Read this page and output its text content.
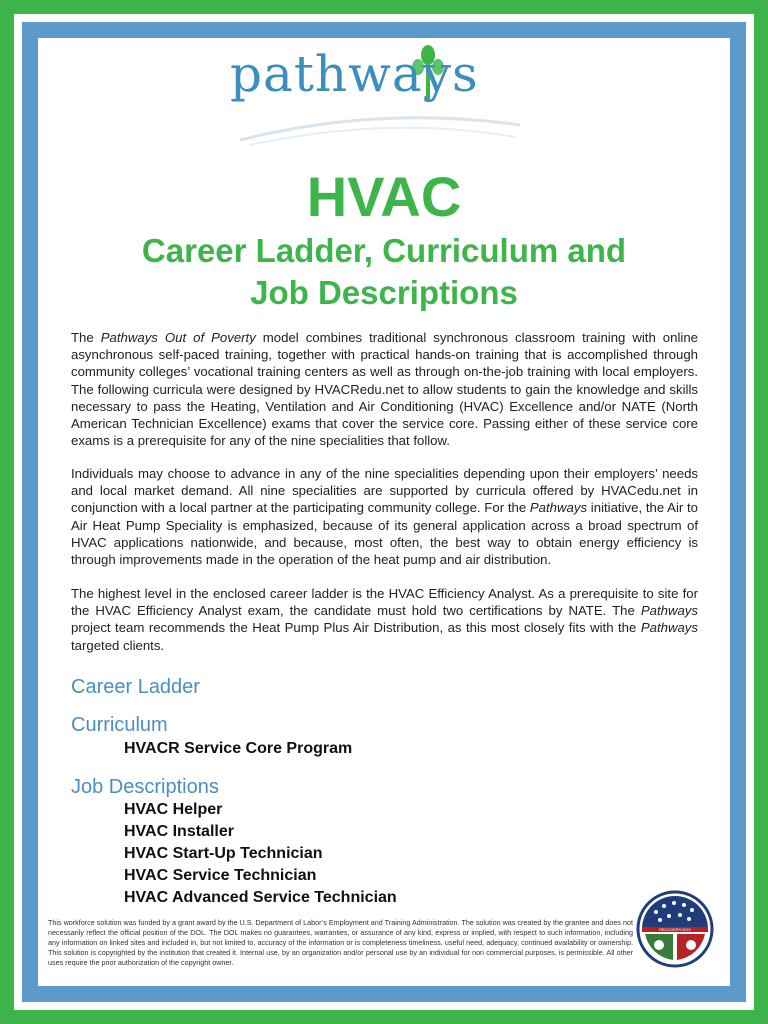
pathways
HVAC
Career Ladder, Curriculum and
Job Descriptions
The Pathways Out of Poverty model combines traditional synchronous classroom training with online asynchronous self-paced training, together with practical hands-on training that is accomplished through community colleges’ vocational training centers as well as through on-the-job training with local employers. The following curricula were designed by HVACRedu.net to allow students to gain the knowledge and skills necessary to pass the Heating, Ventilation and Air Conditioning (HVAC) Excellence and/or NATE (North American Technician Excellence) exams that cover the service core. Passing either of these service core exams is a prerequisite for any of the nine specialities that follow.
Individuals may choose to advance in any of the nine specialities depending upon their employers’ needs and local market demand. All nine specialities are supported by curricula offered by HVACedu.net in conjunction with a local partner at the participating community college. For the Pathways initiative, the Air to Air Heat Pump Speciality is emphasized, because of its general application across a broad spectrum of HVAC applications nationwide, and because, most often, the best way to obtain energy efficiency is through improvements made in the operation of the heat pump and air distribution.
The highest level in the enclosed career ladder is the HVAC Efficiency Analyst. As a prerequisite to site for the HVAC Efficiency Analyst exam, the candidate must hold two certifications by NATE. The Pathways project team recommends the Heat Pump Plus Air Distribution, as this most closely fits with the Pathways targeted clients.
Career Ladder
Curriculum
HVACR Service Core Program
Job Descriptions
HVAC Helper
HVAC Installer
HVAC Start-Up Technician
HVAC Service Technician
HVAC Advanced Service Technician
This workforce solution was funded by a grant award by the U.S. Department of Labor’s Employment and Training Administration. The solution was created by the grantee and does not necessarily reflect the official position of the DOL. The DOL makes no guarantees, warranties, or assurance of any kind, express or implied, with respect to such information, including any information on linked sites and included in, but not limited to, accuracy of the information or is completeness timeliness, useful need, adequacy, continued availability or ownership. This solution is copyrighted by the institution that created it. Internal use, by an organization and/or personal use by an individual for non commercial purposes, is permissible. All other uses require the prior authorization of the copyright owner.
RECOVERY.GOV
